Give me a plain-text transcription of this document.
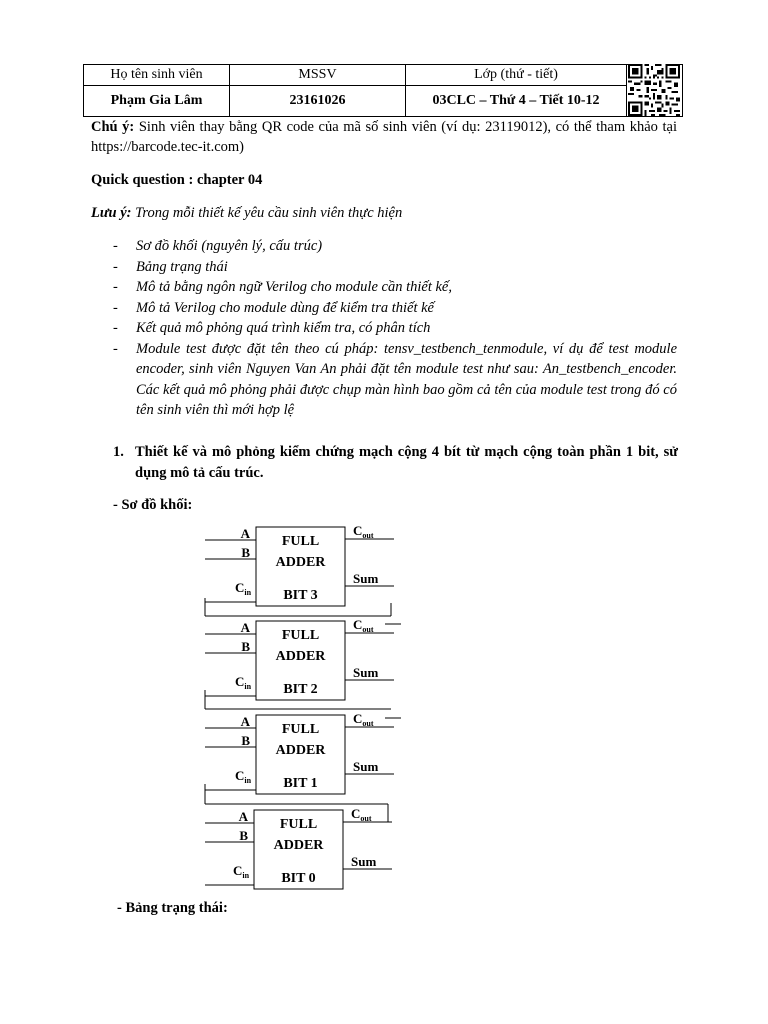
Họ tên sinh viên	MSSV	Lớp (thứ - tiết)	
Phạm Gia Lâm	23161026	03CLC – Thứ 4 – Tiết 10-12	
Chú ý: Sinh viên thay bằng QR code của mã số sinh viên (ví dụ: 23119012), có thể tham khảo tại https://barcode.tec-it.com)
Quick question : chapter 04
Lưu ý: Trong mỗi thiết kế yêu cầu sinh viên thực hiện
- Sơ đồ khối (nguyên lý, cấu trúc)
- Bảng trạng thái
- Mô tả bằng ngôn ngữ Verilog cho module cần thiết kế,
- Mô tả Verilog cho module dùng để kiểm tra thiết kế
- Kết quả mô phỏng quá trình kiểm tra, có phân tích
- Module test được đặt tên theo cú pháp: tensv_testbench_tenmodule, ví dụ để test module encoder, sinh viên Nguyen Van An phải đặt tên module test như sau: An_testbench_encoder. Các kết quả mô phỏng phải được chụp màn hình bao gồm cả tên của module test trong đó có tên sinh viên thì mới hợp lệ
1. Thiết kế và mô phỏng kiểm chứng mạch cộng 4 bít từ mạch cộng toàn phần 1 bit, sử dụng mô tả cấu trúc.
- Sơ đồ khối:
FULL
ADDER
BIT 3
A
B
$C_{in}$
$C_{out}$
Sum
FULL
ADDER
BIT 2
A
B
$C_{in}$
$C_{out}$
Sum
FULL
ADDER
BIT 1
A
B
$C_{in}$
$C_{out}$
Sum
FULL
ADDER
BIT 0
A
B
$C_{in}$
$C_{out}$
Sum
- Bảng trạng thái:
